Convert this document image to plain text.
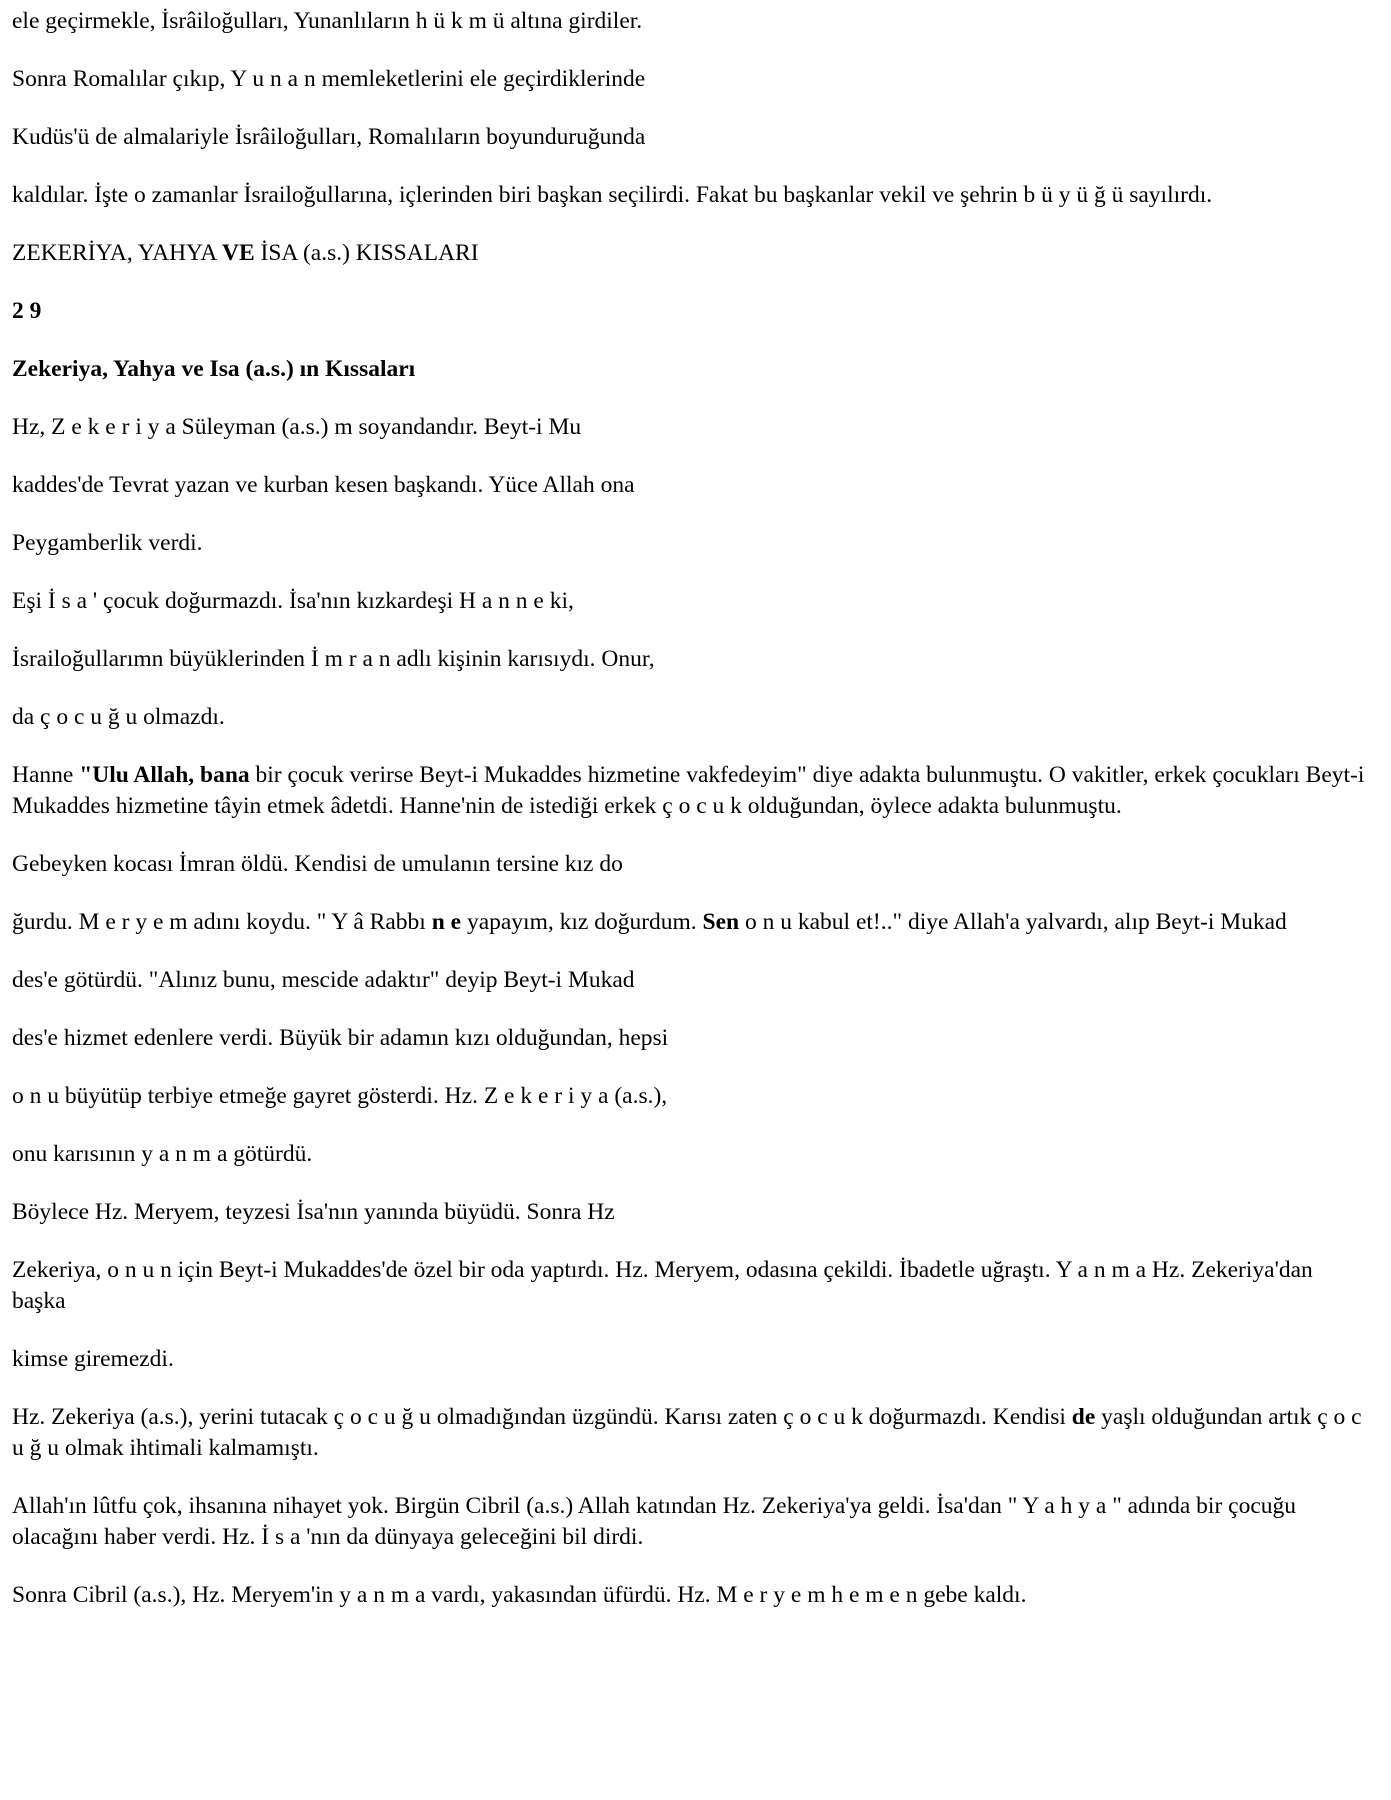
ele geçirmekle, İsrâiloğulları, Yunanlıların h ü k m ü altına girdiler.

Sonra Romalılar çıkıp, Y u n a n memleketlerini ele geçirdiklerinde

Kudüs'ü de almalariyle İsrâiloğulları, Romalıların boyunduruğunda

kaldılar. İşte o zamanlar İsrailoğullarına, içlerinden biri başkan seçilirdi. Fakat bu başkanlar vekil ve şehrin b ü y ü ğ ü sayılırdı.

ZEKERİYA, YAHYA VE İSA (a.s.) KISSALARI

2 9

Zekeriya, Yahya ve Isa (a.s.) ın Kıssaları

Hz, Z e k e r i y a Süleyman (a.s.) m soyandandır. Beyt-i Mu

kaddes'de Tevrat yazan ve kurban kesen başkandı. Yüce Allah ona

Peygamberlik verdi.

Eşi İ s a ' çocuk doğurmazdı. İsa'nın kızkardeşi H a n n e ki,

İsrailoğullarımn büyüklerinden İ m r a n adlı kişinin karısıydı. Onur,

da ç o c u ğ u olmazdı.

Hanne "Ulu Allah, bana bir çocuk verirse Beyt-i Mukaddes hizmetine vakfedeyim" diye adakta bulunmuştu. O vakitler, erkek çocukları Beyt-i Mukaddes hizmetine tâyin etmek âdetdi. Hanne'nin de istediği erkek ç o c u k olduğundan, öylece adakta bulunmuştu.

Gebeyken kocası İmran öldü. Kendisi de umulanın tersine kız do

ğurdu. M e r y e m adını koydu. " Y â Rabbı n e yapayım, kız doğurdum. Sen o n u kabul et!.." diye Allah'a yalvardı, alıp Beyt-i Mukad

des'e götürdü. "Alınız bunu, mescide adaktır" deyip Beyt-i Mukad

des'e hizmet edenlere verdi. Büyük bir adamın kızı olduğundan, hepsi

o n u büyütüp terbiye etmeğe gayret gösterdi. Hz. Z e k e r i y a (a.s.),

onu karısının y a n m a götürdü.

Böylece Hz. Meryem, teyzesi İsa'nın yanında büyüdü. Sonra Hz

Zekeriya, o n u n için Beyt-i Mukaddes'de özel bir oda yaptırdı. Hz. Meryem, odasına çekildi. İbadetle uğraştı. Y a n m a Hz. Zekeriya'dan başka

kimse giremezdi.

Hz. Zekeriya (a.s.), yerini tutacak ç o c u ğ u olmadığından üzgündü. Karısı zaten ç o c u k doğurmazdı. Kendisi de yaşlı olduğundan artık ç o c u ğ u olmak ihtimali kalmamıştı.

Allah'ın lûtfu çok, ihsanına nihayet yok. Birgün Cibril (a.s.) Allah katından Hz. Zekeriya'ya geldi. İsa'dan " Y a h y a " adında bir çocuğu olacağını haber verdi. Hz. İ s a 'nın da dünyaya geleceğini bil dirdi.

Sonra Cibril (a.s.), Hz. Meryem'in y a n m a vardı, yakasından üfürdü. Hz. M e r y e m h e m e n gebe kaldı.
